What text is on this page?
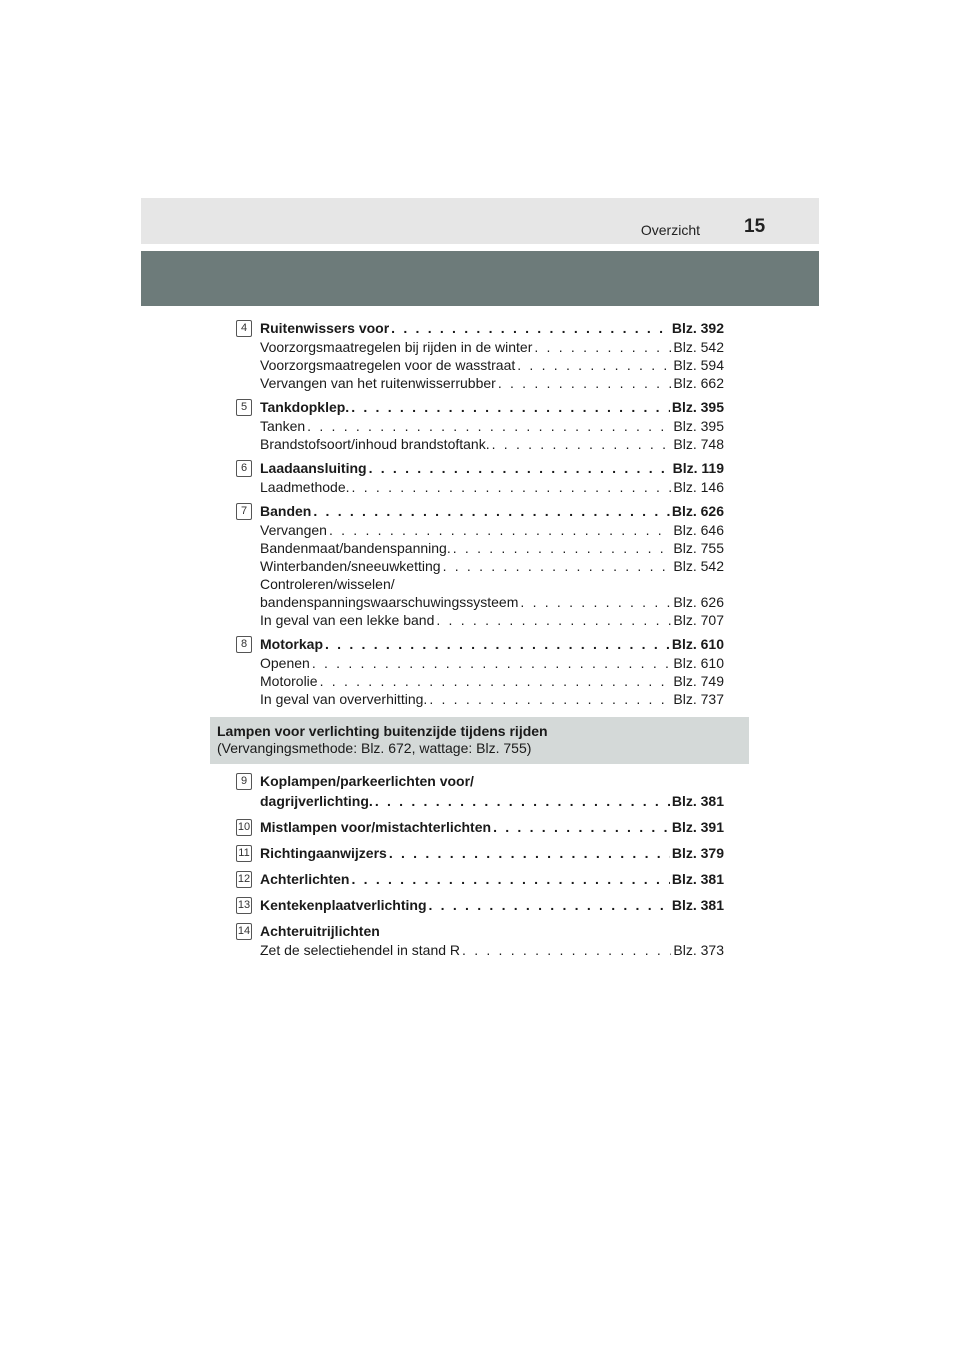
Overzicht 15
4 Ruitenwissers voor . . .	Blz. 392
Voorzorgsmaatregelen bij rijden in de winter . . .	Blz. 542
Voorzorgsmaatregelen voor de wasstraat . . .	Blz. 594
Vervangen van het ruitenwisserrubber . . .	Blz. 662
5 Tankdopklep. . . .	Blz. 395
Tanken . . .	Blz. 395
Brandstofsoort/inhoud brandstoftank. . . .	Blz. 748
6 Laadaansluiting . . .	Blz. 119
Laadmethode. . . .	Blz. 146
7 Banden . . .	Blz. 626
Vervangen . . .	Blz. 646
Bandenmaat/bandenspanning. . . .	Blz. 755
Winterbanden/sneeuwketting . . .	Blz. 542
Controleren/wisselen/
bandenspanningswaarschuwingssysteem . . .	Blz. 626
In geval van een lekke band . . .	Blz. 707
8 Motorkap . . .	Blz. 610
Openen . . .	Blz. 610
Motorolie . . .	Blz. 749
In geval van oververhitting. . . .	Blz. 737
Lampen voor verlichting buitenzijde tijdens rijden
(Vervangingsmethode: Blz. 672, wattage: Blz. 755)
9 Koplampen/parkeerlichten voor/
dagrijverlichting. . . .	Blz. 381
10 Mistlampen voor/mistachterlichten . . .	Blz. 391
11 Richtingaanwijzers . . .	Blz. 379
12 Achterlichten . . .	Blz. 381
13 Kentekenplaatverlichting . . .	Blz. 381
14 Achteruitrijlichten
Zet de selectiehendel in stand R . . .	Blz. 373
